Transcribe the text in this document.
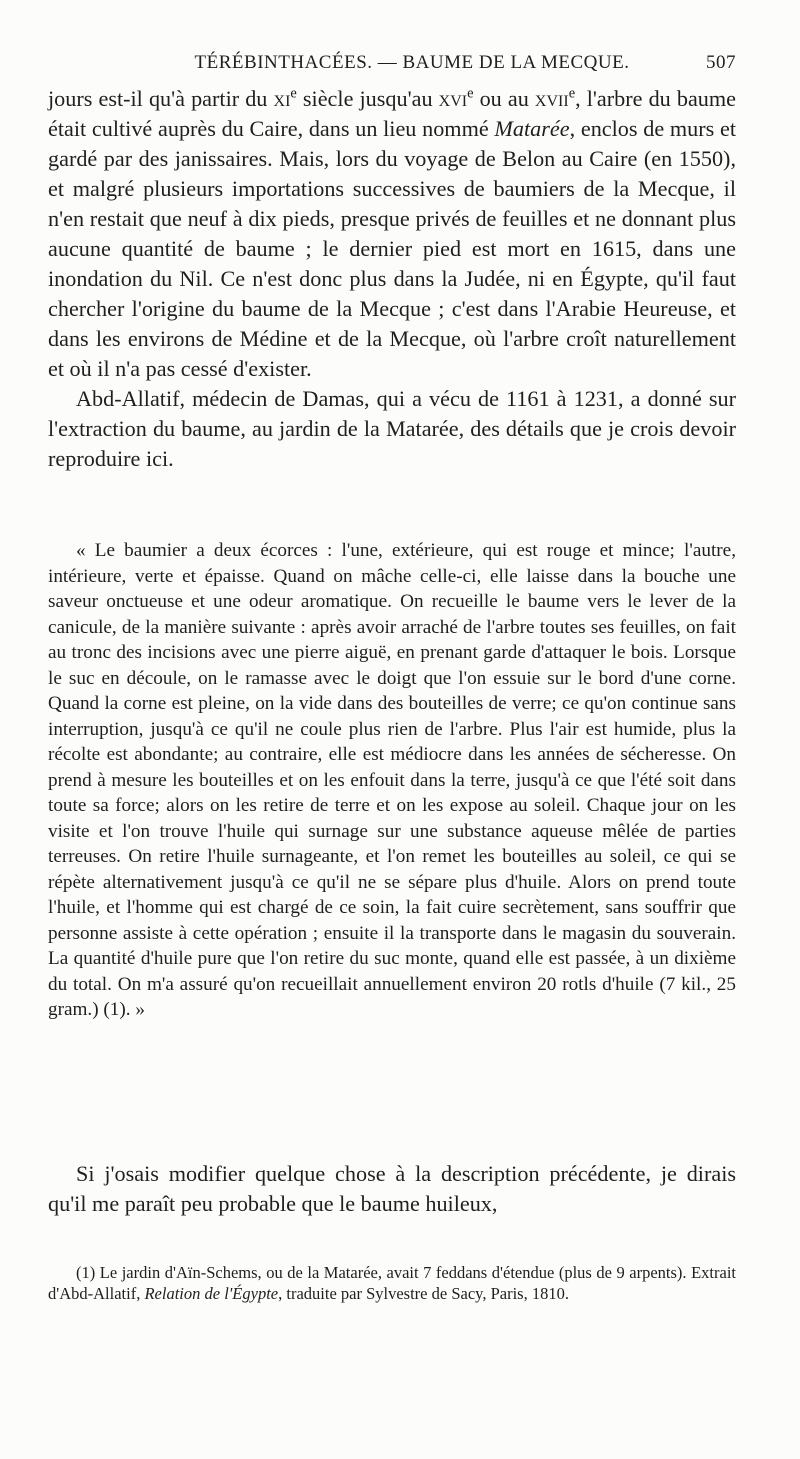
TÉRÉBINTHACÉES. — BAUME DE LA MECQUE.	507

jours est-il qu'à partir du $xi^e$ siècle jusqu'au xvi$^e$ ou au xvii$^e$, l'arbre du baume était cultivé auprès du Caire, dans un lieu nommé Matarée, enclos de murs et gardé par des janissaires. Mais, lors du voyage de Belon au Caire (en 1550), et malgré plusieurs importations successives de baumiers de la Mecque, il n'en restait que neuf à dix pieds, presque privés de feuilles et ne donnant plus aucune quantité de baume ; le dernier pied est mort en 1615, dans une inondation du Nil. Ce n'est donc plus dans la Judée, ni en Égypte, qu'il faut chercher l'origine du baume de la Mecque ; c'est dans l'Arabie Heureuse, et dans les environs de Médine et de la Mecque, où l'arbre croît naturellement et où il n'a pas cessé d'exister.

Abd-Allatif, médecin de Damas, qui a vécu de 1161 à 1231, a donné sur l'extraction du baume, au jardin de la Matarée, des détails que je crois devoir reproduire ici.

« Le baumier a deux écorces : l'une, extérieure, qui est rouge et mince; l'autre, intérieure, verte et épaisse. Quand on mâche celle-ci, elle laisse dans la bouche une saveur onctueuse et une odeur aromatique. On recueille le baume vers le lever de la canicule, de la manière suivante : après avoir arraché de l'arbre toutes ses feuilles, on fait au tronc des incisions avec une pierre aiguë, en prenant garde d'attaquer le bois. Lorsque le suc en découle, on le ramasse avec le doigt que l'on essuie sur le bord d'une corne. Quand la corne est pleine, on la vide dans des bouteilles de verre; ce qu'on continue sans interruption, jusqu'à ce qu'il ne coule plus rien de l'arbre. Plus l'air est humide, plus la récolte est abondante; au contraire, elle est médiocre dans les années de sécheresse. On prend à mesure les bouteilles et on les enfouit dans la terre, jusqu'à ce que l'été soit dans toute sa force; alors on les retire de terre et on les expose au soleil. Chaque jour on les visite et l'on trouve l'huile qui surnage sur une substance aqueuse mêlée de parties terreuses. On retire l'huile surnageante, et l'on remet les bouteilles au soleil, ce qui se répète alternativement jusqu'à ce qu'il ne se sépare plus d'huile. Alors on prend toute l'huile, et l'homme qui est chargé de ce soin, la fait cuire secrètement, sans souffrir que personne assiste à cette opération ; ensuite il la transporte dans le magasin du souverain. La quantité d'huile pure que l'on retire du suc monte, quand elle est passée, à un dixième du total. On m'a assuré qu'on recueillait annuellement environ 20 rotls d'huile (7 kil., 25 gram.) (1). »
Si j'osais modifier quelque chose à la description précédente, je dirais qu'il me paraît peu probable que le baume huileux,
(1) Le jardin d'Aïn-Schems, ou de la Matarée, avait 7 feddans d'étendue (plus de 9 arpents). Extrait d'Abd-Allatif, Relation de l'Égypte, traduite par Sylvestre de Sacy, Paris, 1810.
